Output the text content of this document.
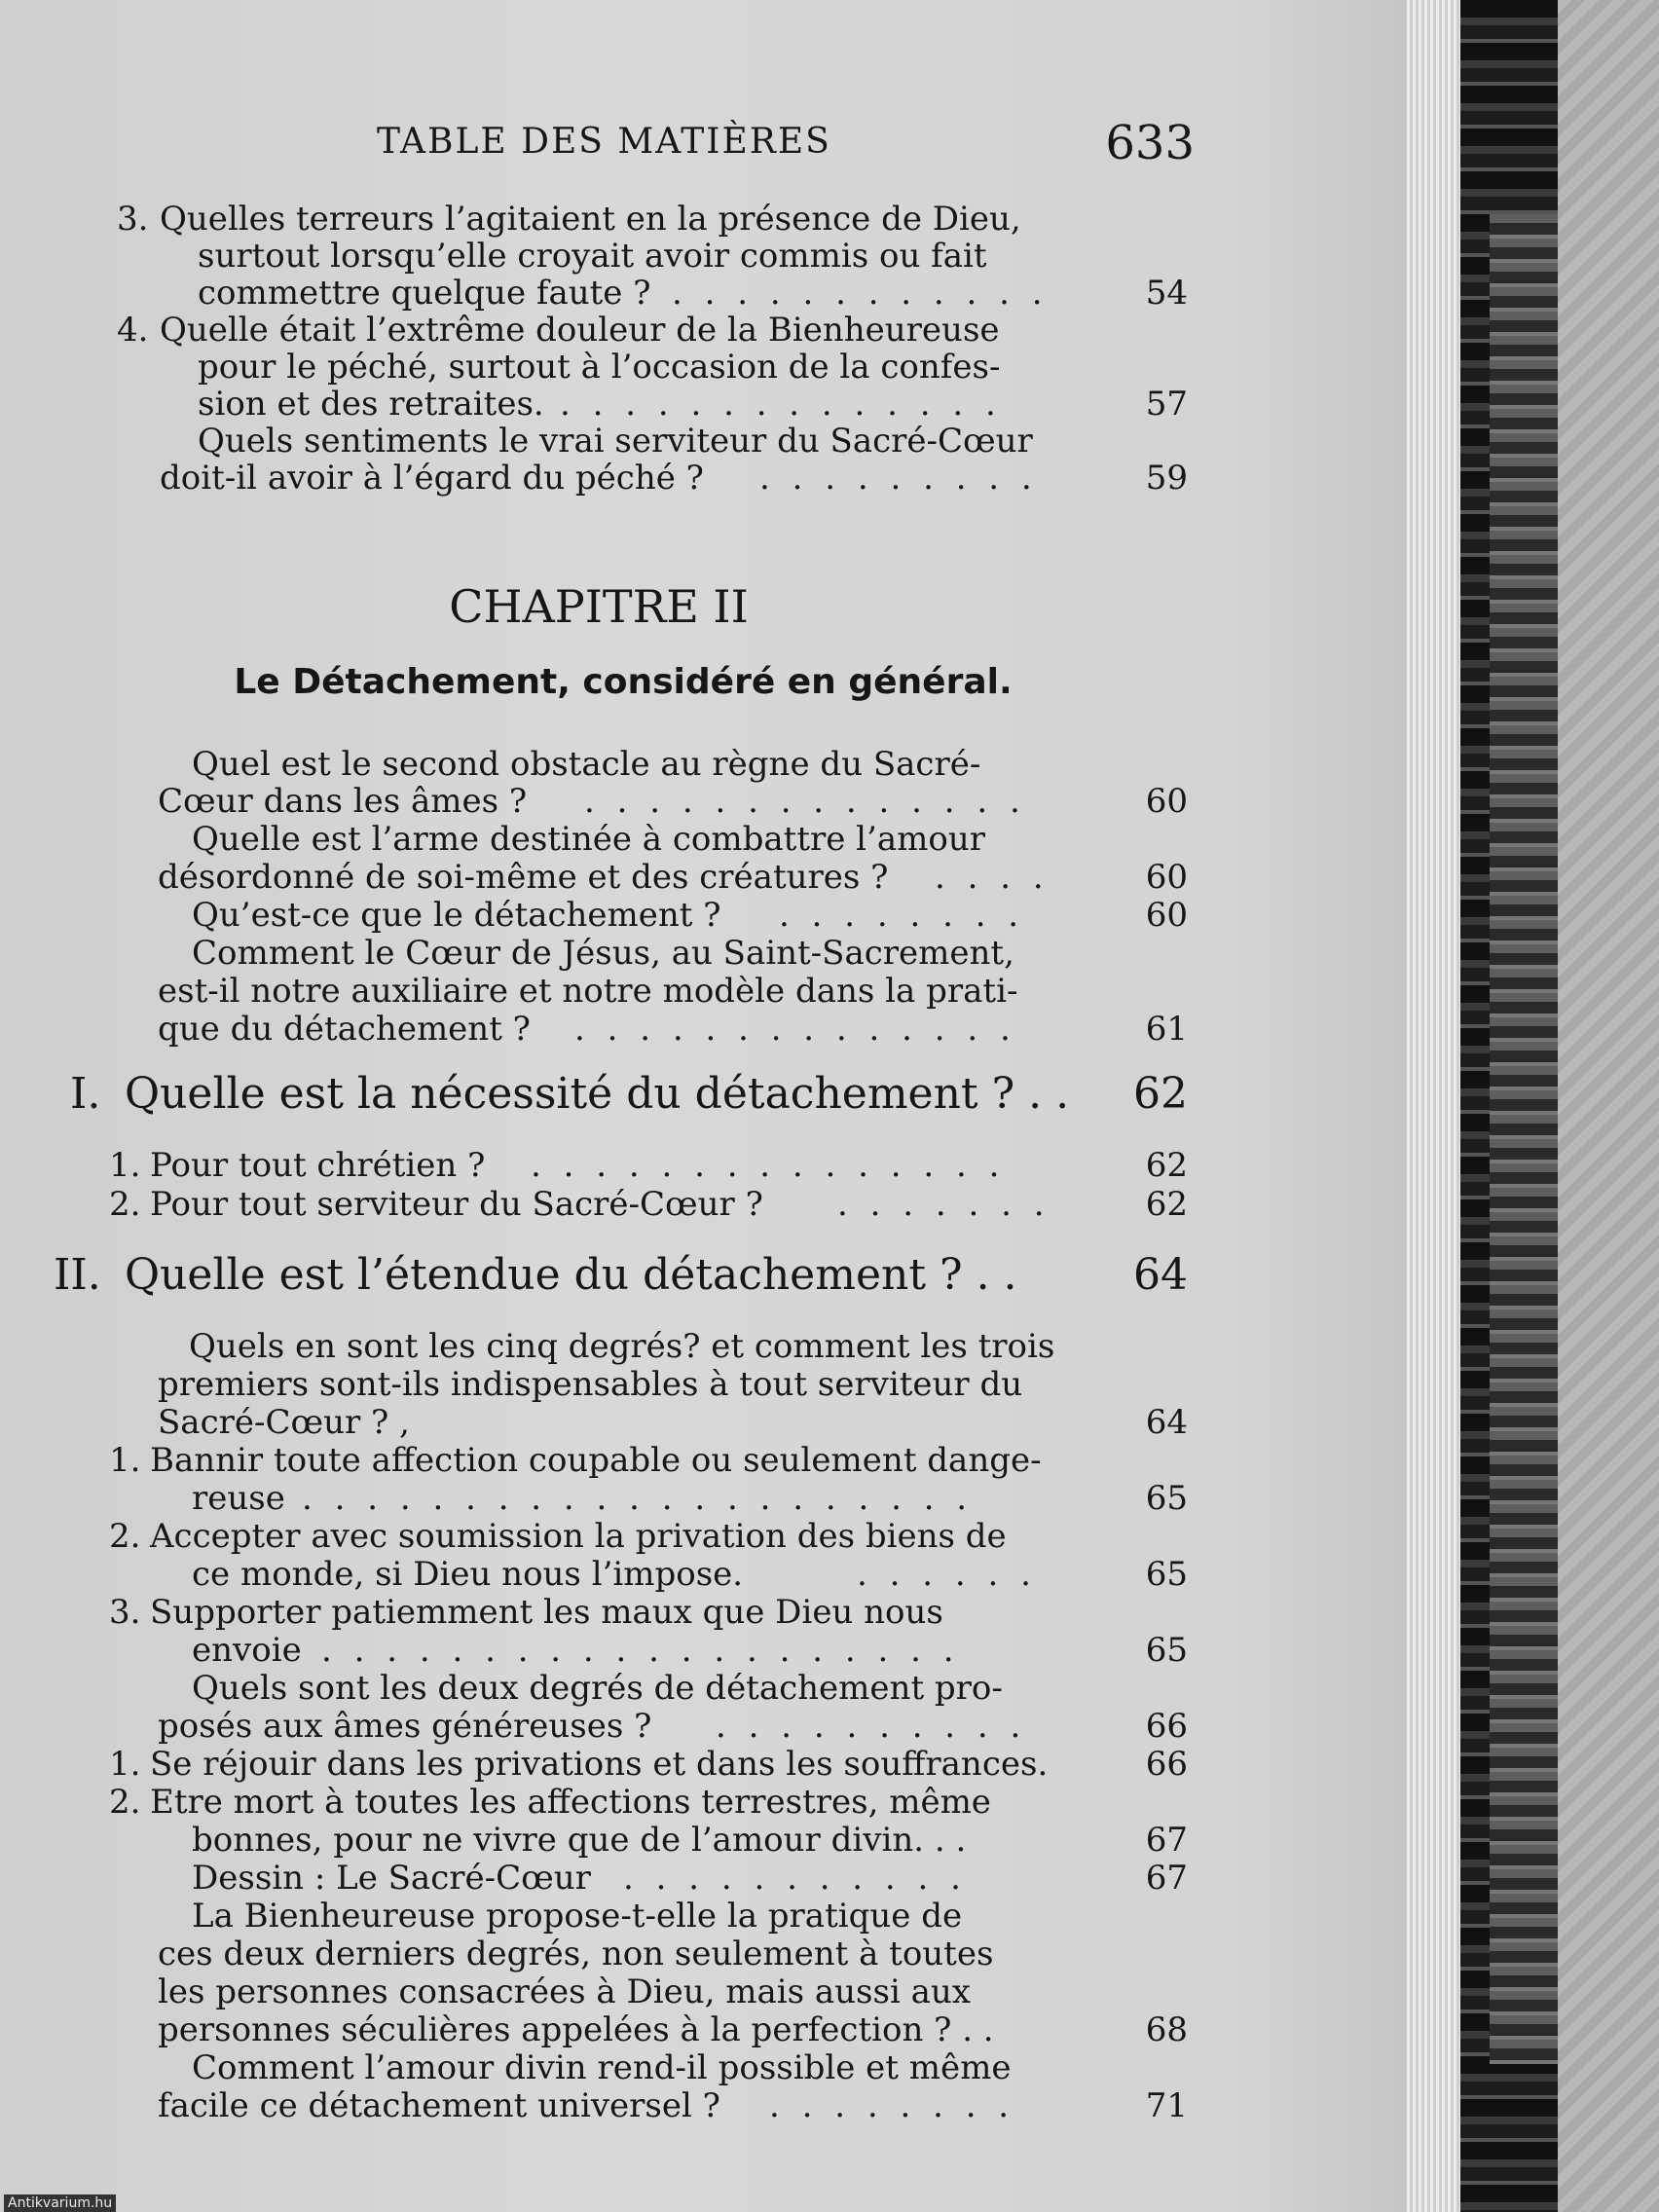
TABLE DES MATIÈRES	633
3. Quelles terreurs l’agitaient en la présence de Dieu,
surtout lorsqu’elle croyait avoir commis ou fait
commettre quelque faute ? . . . . . . . . . . . .	54
4. Quelle était l’extrême douleur de la Bienheureuse
pour le péché, surtout à l’occasion de la confes-
sion et des retraites. . . . . . . . . . . . . . .	57
Quels sentiments le vrai serviteur du Sacré-Cœur
doit-il avoir à l’égard du péché ? . . . . . . . . .	59
CHAPITRE II
Le Détachement, considéré en général.
Quel est le second obstacle au règne du Sacré-
Cœur dans les âmes ? . . . . . . . . . . . . . .	60
Quelle est l’arme destinée à combattre l’amour
désordonné de soi-même et des créatures ? . . . .	60
Qu’est-ce que le détachement ? . . . . . . . .	60
Comment le Cœur de Jésus, au Saint-Sacrement,
est-il notre auxiliaire et notre modèle dans la prati-
que du détachement ? . . . . . . . . . . . . . .	61
I. Quelle est la nécessité du détachement ? . . 62
1. Pour tout chrétien ? . . . . . . . . . . . . . . .	62
2. Pour tout serviteur du Sacré-Cœur ? . . . . . . .	62
II. Quelle est l’étendue du détachement ? . .	64
Quels en sont les cinq degrés? et comment les trois
premiers sont-ils indispensables à tout serviteur du
Sacré-Cœur ? ,	64
1. Bannir toute affection coupable ou seulement dange-
reuse . . . . . . . . . . . . . . . . . . . . .	65
2. Accepter avec soumission la privation des biens de
ce monde, si Dieu nous l’impose.	. . . . . .	65
3. Supporter patiemment les maux que Dieu nous
envoie . . . . . . . . . . . . . . . . . . . .	65
Quels sont les deux degrés de détachement pro-
posés aux âmes généreuses ? . . . . . . . . . .	66
1. Se réjouir dans les privations et dans les souffrances.	66
2. Etre mort à toutes les affections terrestres, même
bonnes, pour ne vivre que de l’amour divin. . .	67
Dessin : Le Sacré-Cœur . . . . . . . . . . .	67
La Bienheureuse propose-t-elle la pratique de
ces deux derniers degrés, non seulement à toutes
les personnes consacrées à Dieu, mais aussi aux
personnes séculières appelées à la perfection ? . .	68
Comment l’amour divin rend-il possible et même
facile ce détachement universel ? . . . . . . . .	71
Antikvarium.hu
